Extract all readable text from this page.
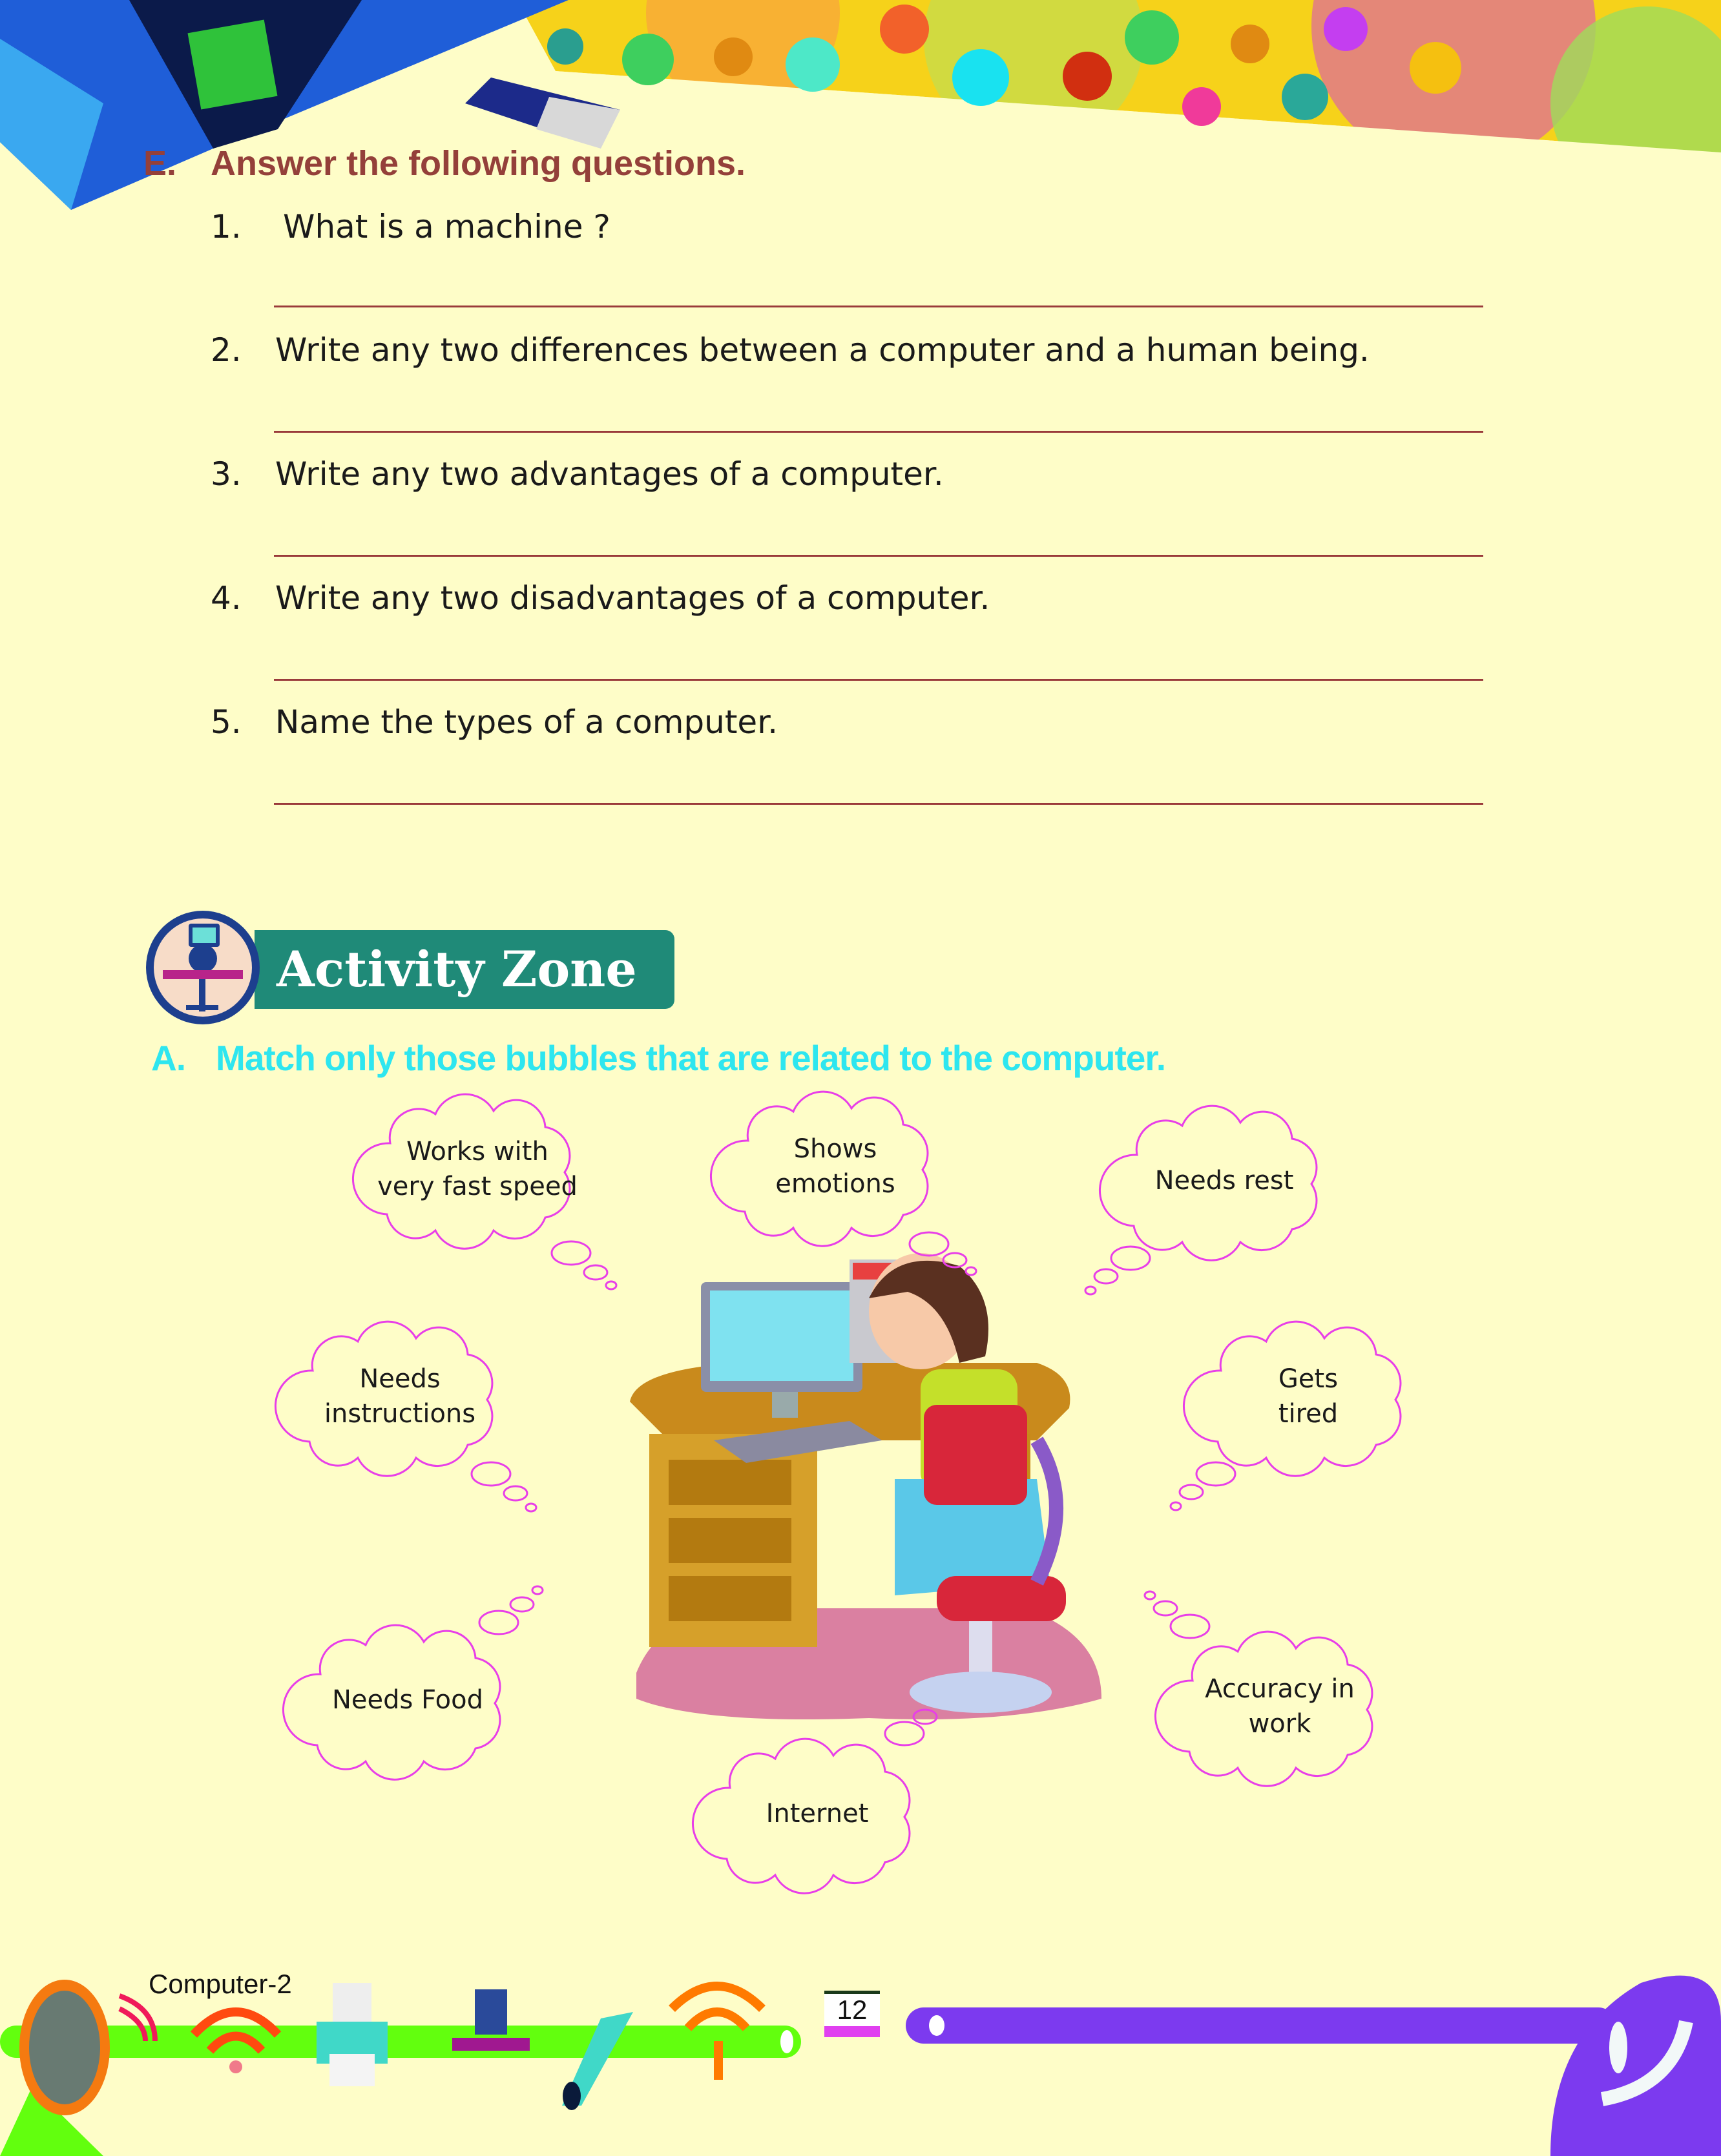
E. Answer the following questions.
1. What is a machine ?
2. Write any two differences between a computer and a human being.
3. Write any two advantages of a computer.
4. Write any two disadvantages of a computer.
5. Name the types of a computer.
Activity Zone
A. Match only those bubbles that are related to the computer.
Works with
very fast speed
Shows
emotions	Needs rest
Needs
instructions
Gets
tired
Needs Food	Accuracy in
work
Internet
Computer-2
12
